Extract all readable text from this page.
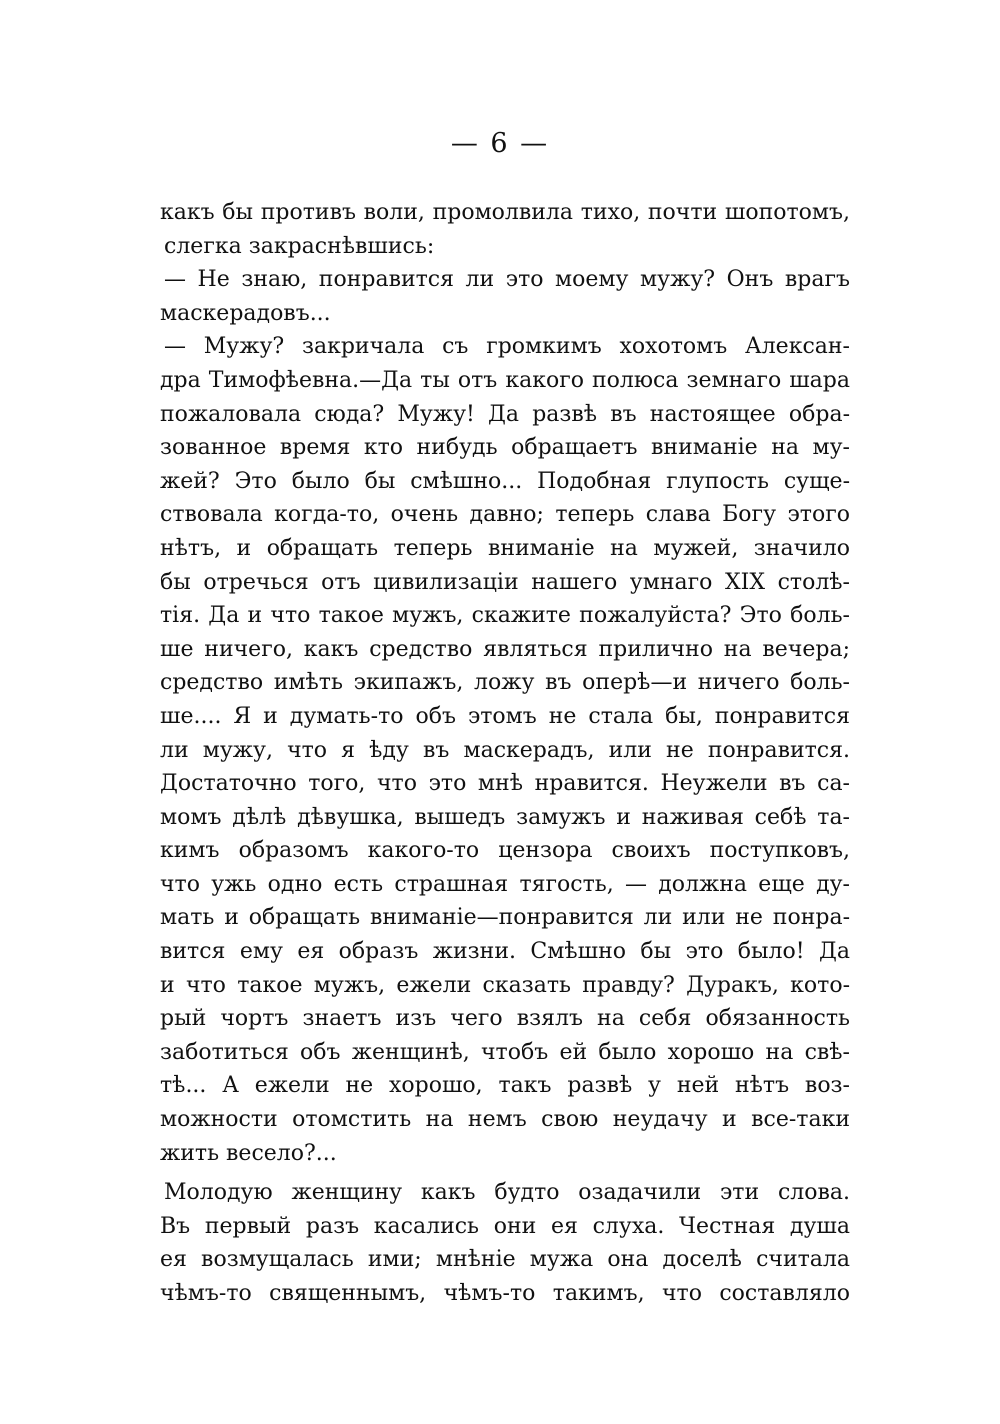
— 6 —
какъ бы противъ воли, промолвила тихо, почти шопотомъ,
слегка закраснѣвшись:
— Не знаю, понравится ли это моему мужу? Онъ врагъ
маскерадовъ...
— Мужу? закричала съ громкимъ хохотомъ Алексан-
дра Тимофѣевна.—Да ты отъ какого полюса земнаго шара
пожаловала сюда? Мужу! Да развѣ въ настоящее обра-
зованное время кто нибудь обращаетъ вниманіе на му-
жей? Это было бы смѣшно... Подобная глупость суще-
ствовала когда-то, очень давно; теперь слава Богу этого
нѣтъ, и обращать теперь вниманіе на мужей, значило
бы отречься отъ цивилизаціи нашего умнаго XIX столѣ-
тія. Да и что такое мужъ, скажите пожалуйста? Это боль-
ше ничего, какъ средство являться прилично на вечера;
средство имѣть экипажъ, ложу въ оперѣ—и ничего боль-
ше.... Я и думать-то объ этомъ не стала бы, понравится
ли мужу, что я ѣду въ маскерадъ, или не понравится.
Достаточно того, что это мнѣ нравится. Неужели въ са-
момъ дѣлѣ дѣвушка, вышедъ замужъ и наживая себѣ та-
кимъ образомъ какого-то цензора своихъ поступковъ,
что ужь одно есть страшная тягость, — должна еще ду-
мать и обращать вниманіе—понравится ли или не понра-
вится ему ея образъ жизни. Смѣшно бы это было! Да
и что такое мужъ, ежели сказать правду? Дуракъ, кото-
рый чортъ знаетъ изъ чего взялъ на себя обязанность
заботиться объ женщинѣ, чтобъ ей было хорошо на свѣ-
тѣ... А ежели не хорошо, такъ развѣ у ней нѣтъ воз-
можности отомстить на немъ свою неудачу и все-таки
жить весело?...
Молодую женщину какъ будто озадачили эти слова.
Въ первый разъ касались они ея слуха. Честная душа
ея возмущалась ими; мнѣніе мужа она доселѣ считала
чѣмъ-то священнымъ, чѣмъ-то такимъ, что составляло
